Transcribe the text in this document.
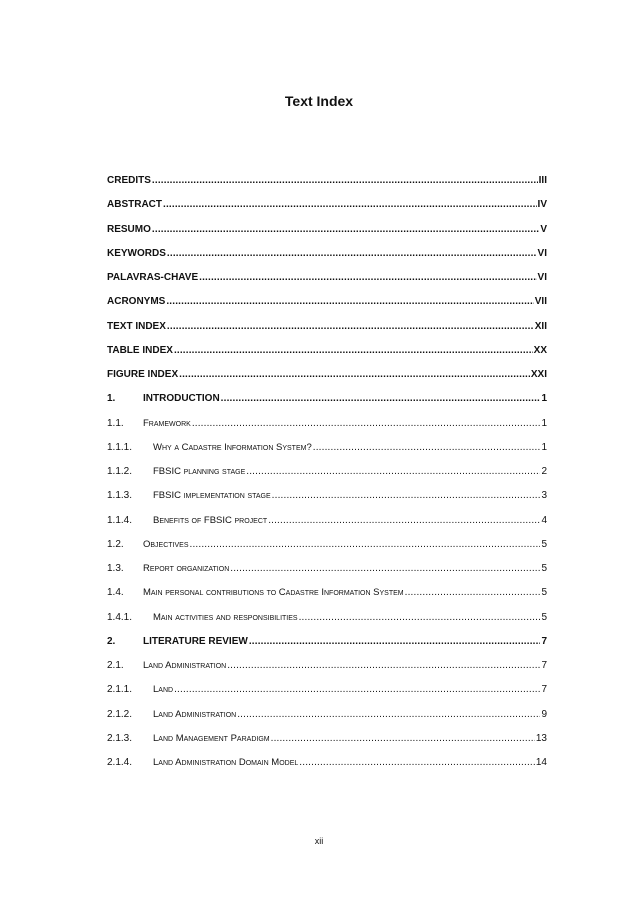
Text Index
CREDITS . . .	III
ABSTRACT . . .	IV
RESUMO . . .	V
KEYWORDS . . .	VI
PALAVRAS-CHAVE . . .	VI
ACRONYMS . . .	VII
TEXT INDEX . . .	XII
TABLE INDEX . . .	XX
FIGURE INDEX . . .	XXI
1.	INTRODUCTION . . .	1
1.1.	Framework . . .	1
1.1.1.	Why a Cadastre Information System? . . .	1
1.1.2.	FBSIC planning stage . . .	2
1.1.3.	FBSIC implementation stage . . .	3
1.1.4.	Benefits of FBSIC project . . .	4
1.2.	Objectives . . .	5
1.3.	Report organization . . .	5
1.4.	Main personal contributions to Cadastre Information System . . .	5
1.4.1.	Main activities and responsibilities . . .	5
2.	LITERATURE REVIEW . . .	7
2.1.	Land Administration . . .	7
2.1.1.	Land . . .	7
2.1.2.	Land Administration . . .	9
2.1.3.	Land Management Paradigm . . .	13
2.1.4.	Land Administration Domain Model . . .	14
xii
